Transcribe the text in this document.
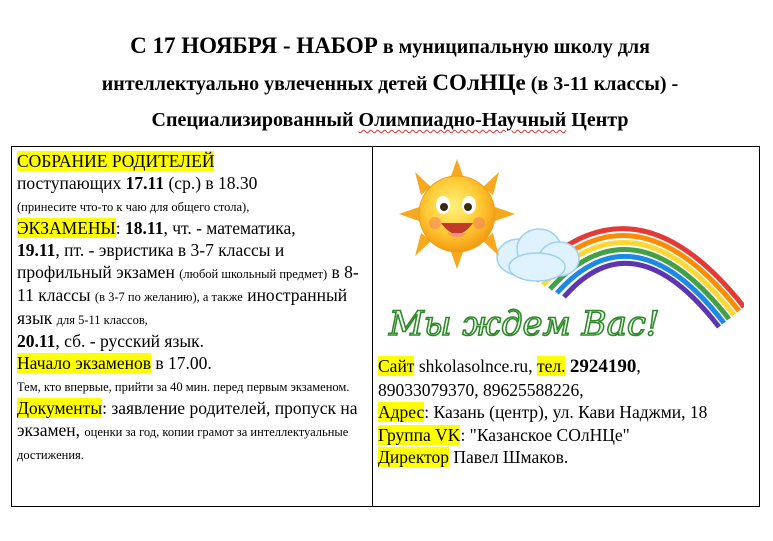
С 17 НОЯБРЯ - НАБОР в муниципальную школу для
интеллектуально увлеченных детей СОлНЦе (в 3-11 классы) -
Специализированный Олимпиадно-Научный Центр
СОБРАНИЕ РОДИТЕЛЕЙ
поступающих 17.11 (ср.) в 18.30
(принесите что-то к чаю для общего стола),
ЭКЗАМЕНЫ: 18.11, чт. - математика,
19.11, пт. - эвристика в 3-7 классы и профильный экзамен (любой школьный предмет) в 8-11 классы (в 3-7 по желанию), а также иностранный язык для 5-11 классов,
20.11, сб. - русский язык.
Начало экзаменов в 17.00.
Тем, кто впервые, прийти за 40 мин. перед первым экзаменом.
Документы: заявление родителей, пропуск на экзамен, оценки за год, копии грамот за интеллектуальные достижения.

Мы ждем Вас!
Сайт shkolasolnce.ru, тел. 2924190,
89033079370, 89625588226,
Адрес: Казань (центр), ул. Кави Наджми, 18
Группа VK: "Казанское СОлНЦе"
Директор Павел Шмаков.
